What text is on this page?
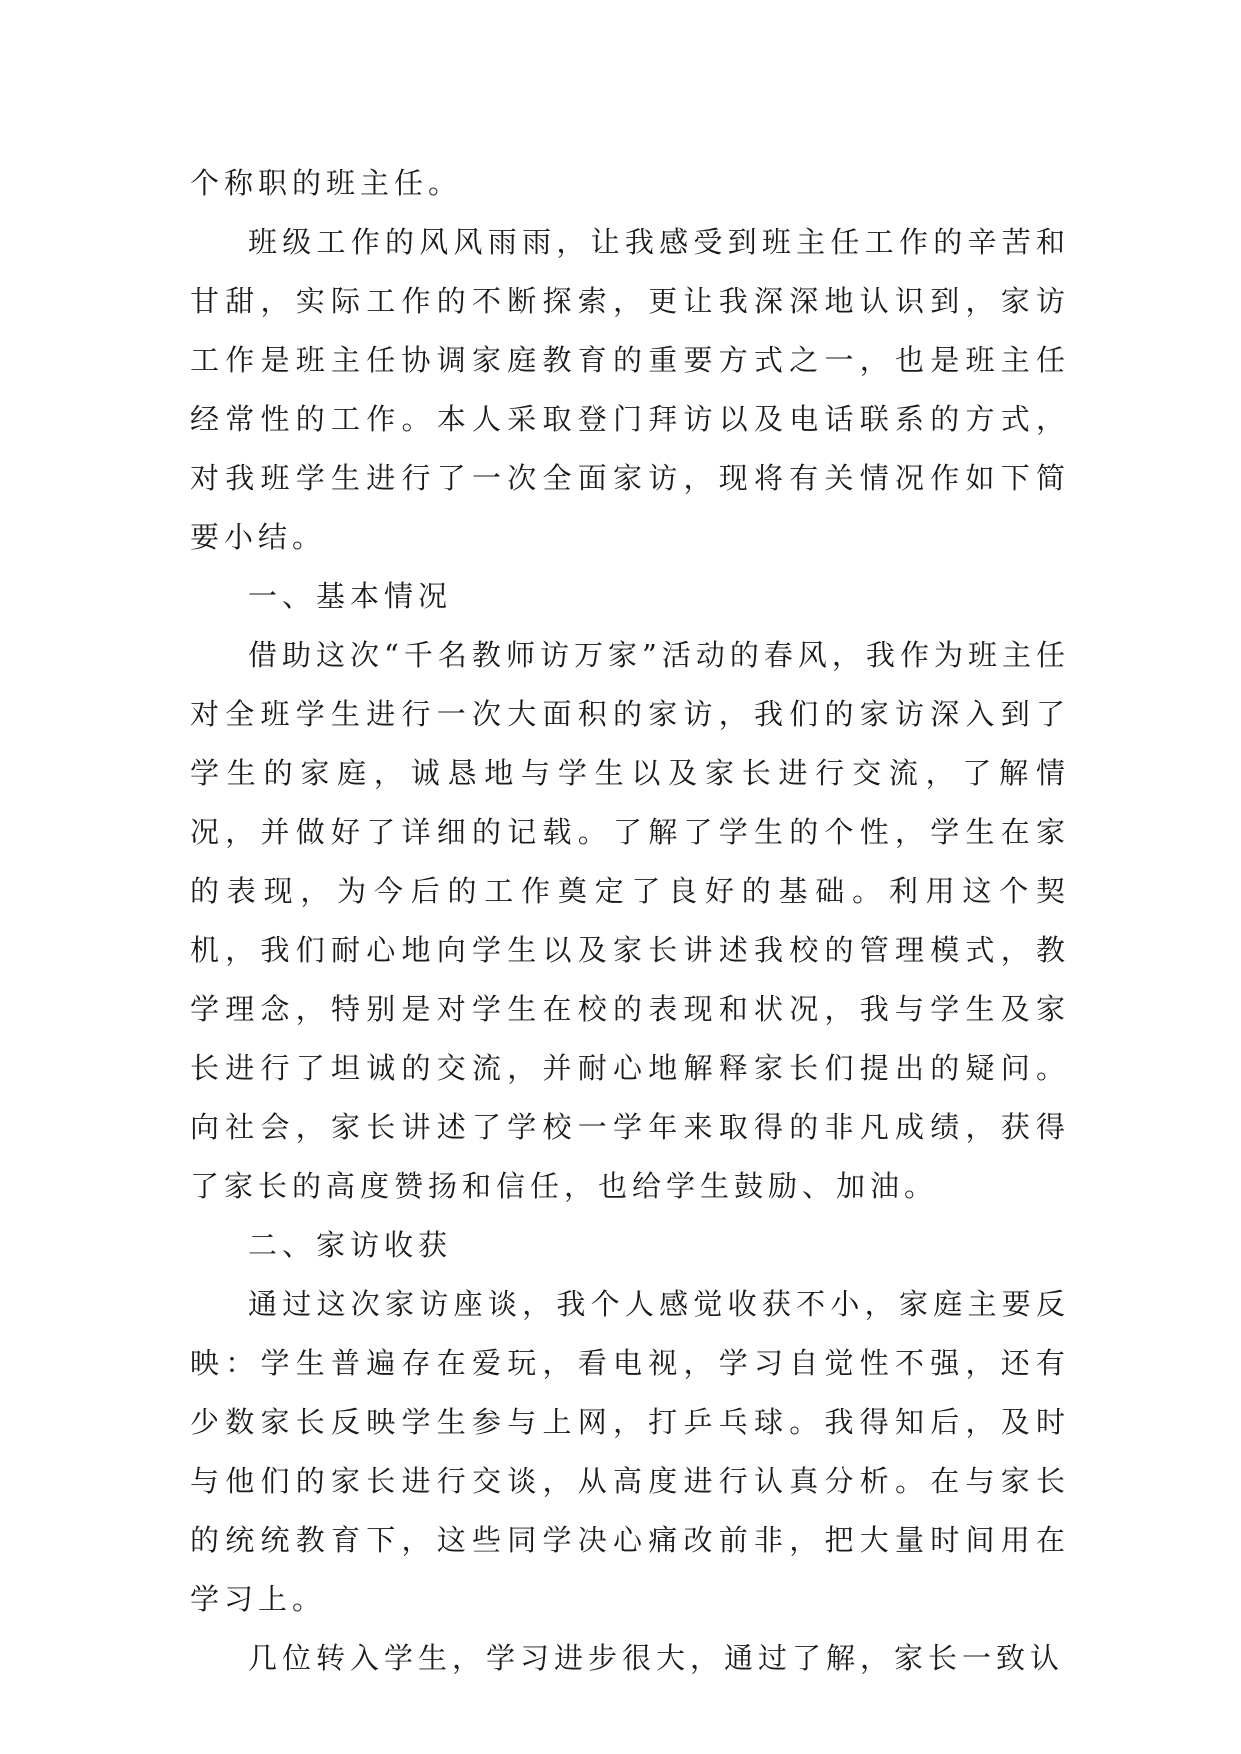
个称职的班主任。

班级工作的风风雨雨，让我感受到班主任工作的辛苦和甘甜，实际工作的不断探索，更让我深深地认识到，家访工作是班主任协调家庭教育的重要方式之一，也是班主任经常性的工作。本人采取登门拜访以及电话联系的方式，对我班学生进行了一次全面家访，现将有关情况作如下简要小结。

一、基本情况

借助这次“千名教师访万家”活动的春风，我作为班主任对全班学生进行一次大面积的家访，我们的家访深入到了学生的家庭，诚恳地与学生以及家长进行交流，了解情况，并做好了详细的记载。了解了学生的个性，学生在家的表现，为今后的工作奠定了良好的基础。利用这个契机，我们耐心地向学生以及家长讲述我校的管理模式，教学理念，特别是对学生在校的表现和状况，我与学生及家长进行了坦诚的交流，并耐心地解释家长们提出的疑问。向社会，家长讲述了学校一学年来取得的非凡成绩，获得了家长的高度赞扬和信任，也给学生鼓励、加油。

二、家访收获

通过这次家访座谈，我个人感觉收获不小，家庭主要反映：学生普遍存在爱玩，看电视，学习自觉性不强，还有少数家长反映学生参与上网，打乒乓球。我得知后，及时与他们的家长进行交谈，从高度进行认真分析。在与家长的统统教育下，这些同学决心痛改前非，把大量时间用在学习上。

几位转入学生，学习进步很大，通过了解，家长一致认
